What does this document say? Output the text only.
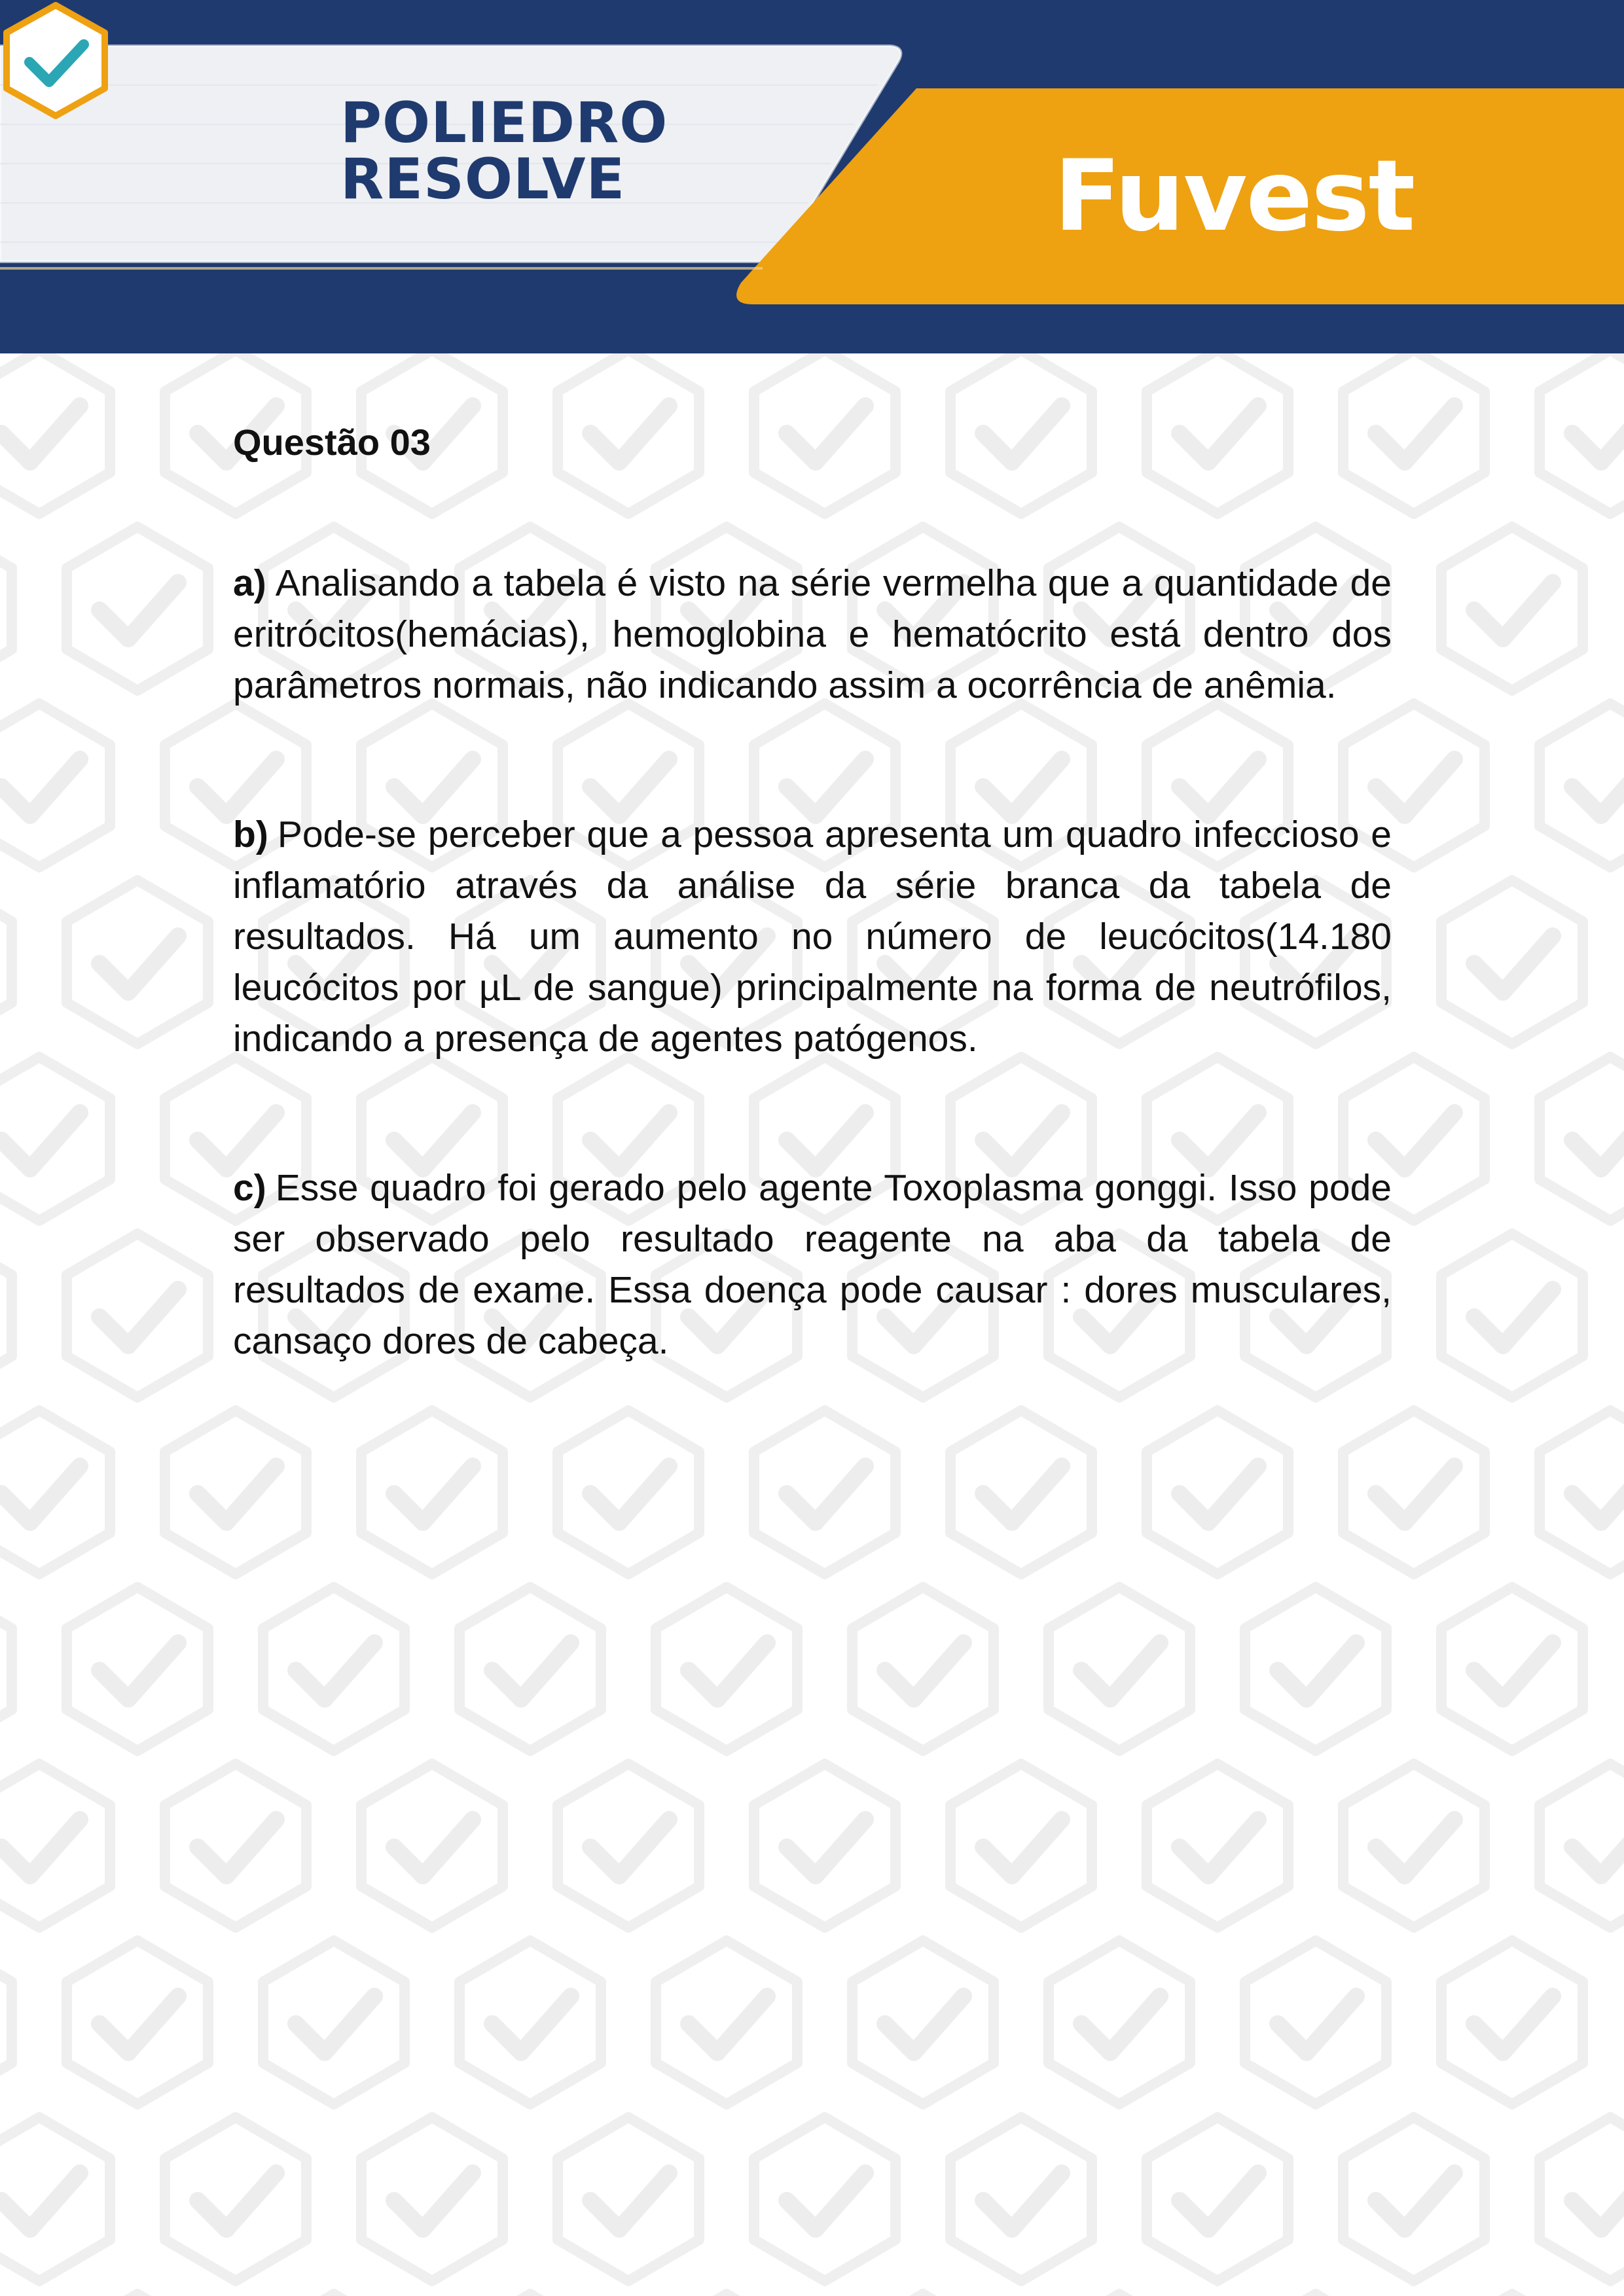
POLIEDRO
RESOLVE	Fuvest
Questão 03

a) Analisando a tabela é visto na série vermelha que a quantidade de eritrócitos(hemácias), hemoglobina e hematócrito está dentro dos parâmetros normais, não indicando assim a ocorrência de anêmia.

b) Pode-se perceber que a pessoa apresenta um quadro infeccioso e inflamatório através da análise da série branca da tabela de resultados. Há um aumento no número de leucócitos(14.180 leucócitos por µL de sangue) principalmente na forma de neutrófilos, indicando a presença de agentes patógenos.

c) Esse quadro foi gerado pelo agente Toxoplasma gonggi. Isso pode ser observado pelo resultado reagente na aba da tabela de resultados de exame. Essa doença pode causar : dores musculares, cansaço dores de cabeça.
